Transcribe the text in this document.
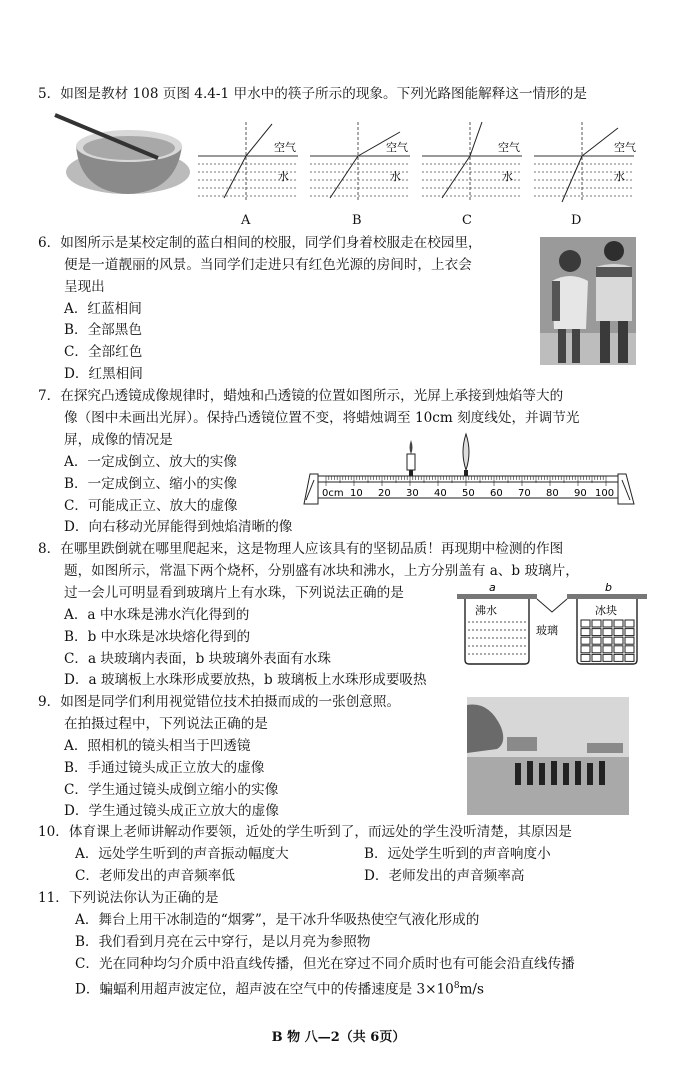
5．如图是教材 108 页图 4.4-1 甲水中的筷子所示的现象。下列光路图能解释这一情形的是
空气
水
空气
水
空气
水
空气
水
A	B	C	D
6．如图所示是某校定制的蓝白相间的校服，同学们身着校服走在校园里，
便是一道靓丽的风景。当同学们走进只有红色光源的房间时，上衣会
呈现出
A．红蓝相间
B．全部黑色
C．全部红色
D．红黑相间
7．在探究凸透镜成像规律时，蜡烛和凸透镜的位置如图所示，光屏上承接到烛焰等大的
像（图中未画出光屏）。保持凸透镜位置不变，将蜡烛调至 10cm 刻度线处，并调节光
屏，成像的情况是
A．一定成倒立、放大的实像
B．一定成倒立、缩小的实像
C．可能成正立、放大的虚像
D．向右移动光屏能得到烛焰清晰的像
0cm 10 20 30 40 50 60 70 80 90 100
8．在哪里跌倒就在哪里爬起来，这是物理人应该具有的坚韧品质！再现期中检测的作图
题，如图所示，常温下两个烧杯，分别盛有冰块和沸水，上方分别盖有 a、b 玻璃片，
过一会儿可明显看到玻璃片上有水珠，下列说法正确的是
A．a 中水珠是沸水汽化得到的
B．b 中水珠是冰块熔化得到的
C．a 块玻璃内表面，b 块玻璃外表面有水珠
D．a 玻璃板上水珠形成要放热，b 玻璃板上水珠形成要吸热
a	b
沸水
玻璃
冰块
9．如图是同学们利用视觉错位技术拍摄而成的一张创意照。
在拍摄过程中，下列说法正确的是
A．照相机的镜头相当于凹透镜
B．手通过镜头成正立放大的虚像
C．学生通过镜头成倒立缩小的实像
D．学生通过镜头成正立放大的虚像
10．体育课上老师讲解动作要领，近处的学生听到了，而远处的学生没听清楚，其原因是
A．远处学生听到的声音振动幅度大	B．远处学生听到的声音响度小
C．老师发出的声音频率低	D．老师发出的声音频率高
11．下列说法你认为正确的是
A．舞台上用干冰制造的“烟雾”，是干冰升华吸热使空气液化形成的
B．我们看到月亮在云中穿行，是以月亮为参照物
C．光在同种均匀介质中沿直线传播，但光在穿过不同介质时也有可能会沿直线传播
D．蝙蝠利用超声波定位，超声波在空气中的传播速度是 $3\times 10^8m/s$
B 物 八—2（共 6页）
